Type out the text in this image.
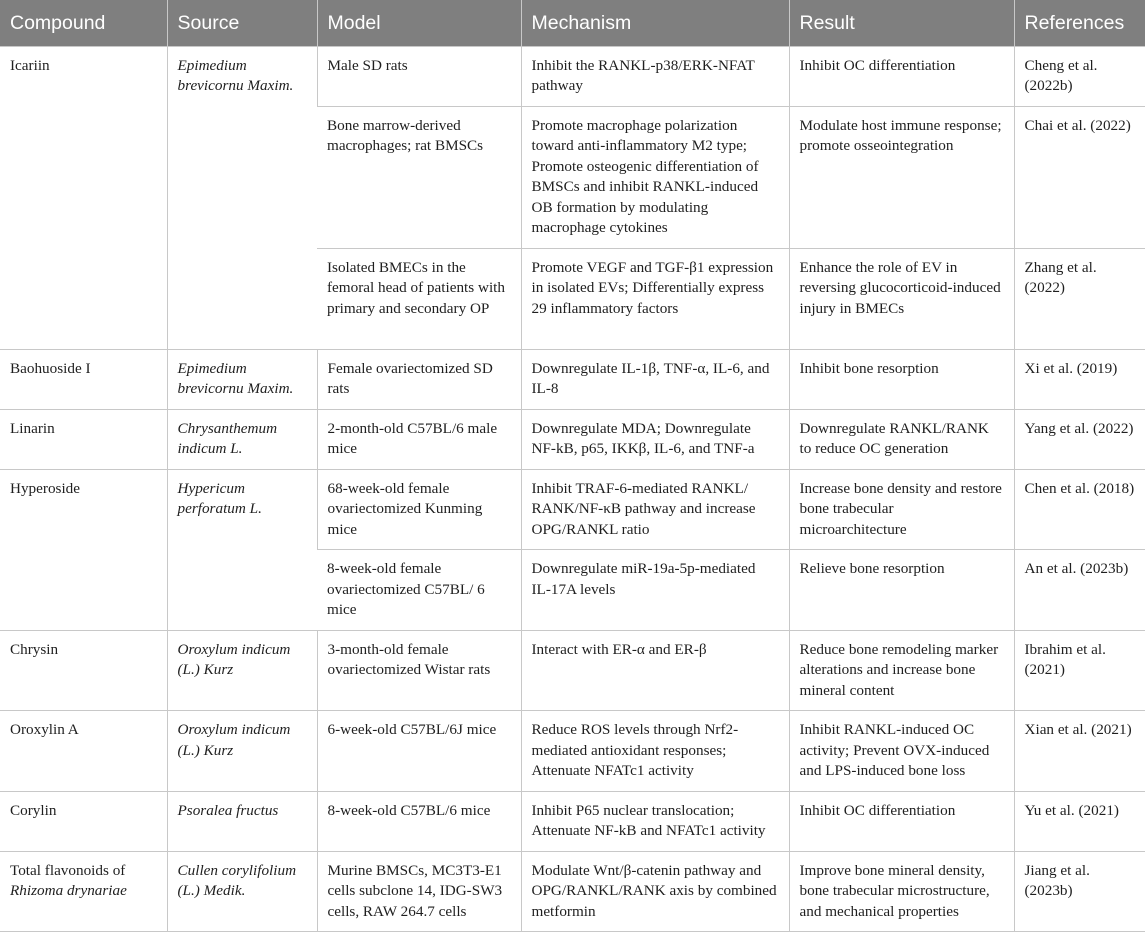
Compound	Source	Model	Mechanism	Result	References
Icariin	Epimedium brevicornu Maxim.	Male SD rats	Inhibit the RANKL-p38/ERK-NFAT pathway	Inhibit OC differentiation	Cheng et al. (2022b)
		Bone marrow-derived macrophages; rat BMSCs	Promote macrophage polarization toward anti-inflammatory M2 type; Promote osteogenic differentiation of BMSCs and inhibit RANKL-induced OB formation by modulating macrophage cytokines	Modulate host immune response; promote osseointegration	Chai et al. (2022)
		Isolated BMECs in the femoral head of patients with primary and secondary OP	Promote VEGF and TGF-β1 expression in isolated EVs; Differentially express 29 inflammatory factors	Enhance the role of EV in reversing glucocorticoid-induced injury in BMECs	Zhang et al. (2022)
Baohuoside I	Epimedium brevicornu Maxim.	Female ovariectomized SD rats	Downregulate IL-1β, TNF-α, IL-6, and IL-8	Inhibit bone resorption	Xi et al. (2019)
Linarin	Chrysanthemum indicum L.	2-month-old C57BL/6 male mice	Downregulate MDA; Downregulate NF-kB, p65, IKKβ, IL-6, and TNF-a	Downregulate RANKL/RANK to reduce OC generation	Yang et al. (2022)
Hyperoside	Hypericum perforatum L.	68-week-old female ovariectomized Kunming mice	Inhibit TRAF-6-mediated RANKL/ RANK/NF-κB pathway and increase OPG/RANKL ratio	Increase bone density and restore bone trabecular microarchitecture	Chen et al. (2018)
		8-week-old female ovariectomized C57BL/ 6 mice	Downregulate miR-19a-5p-mediated IL-17A levels	Relieve bone resorption	An et al. (2023b)
Chrysin	Oroxylum indicum (L.) Kurz	3-month-old female ovariectomized Wistar rats	Interact with ER-α and ER-β	Reduce bone remodeling marker alterations and increase bone mineral content	Ibrahim et al. (2021)
Oroxylin A	Oroxylum indicum (L.) Kurz	6-week-old C57BL/6J mice	Reduce ROS levels through Nrf2-mediated antioxidant responses; Attenuate NFATc1 activity	Inhibit RANKL-induced OC activity; Prevent OVX-induced and LPS-induced bone loss	Xian et al. (2021)
Corylin	Psoralea fructus	8-week-old C57BL/6 mice	Inhibit P65 nuclear translocation; Attenuate NF-kB and NFATc1 activity	Inhibit OC differentiation	Yu et al. (2021)
Total flavonoids of
Rhizoma drynariae	Cullen corylifolium (L.) Medik.	Murine BMSCs, MC3T3-E1 cells subclone 14, IDG-SW3 cells, RAW 264.7 cells	Modulate Wnt/β-catenin pathway and OPG/RANKL/RANK axis by combined metformin	Improve bone mineral density, bone trabecular microstructure, and mechanical properties	Jiang et al. (2023b)
